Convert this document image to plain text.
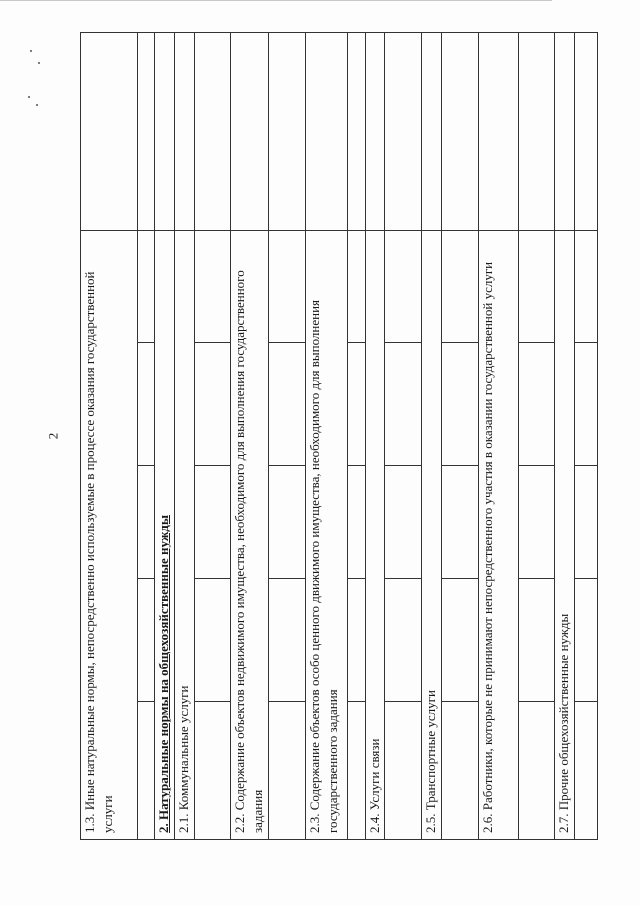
2 1.3. Иные натуральные нормы, непосредственно используемые в процессе оказания государственной услуги					

2. Натуральные нормы на общехозяйственные нужды					
2.1. Коммунальные услуги					

2.2. Содержание объектов недвижимого имущества, необходимого для выполнения государственного задания					

2.3. Содержание объектов особо ценного движимого имущества, необходимого для выполнения государственного задания					

2.4. Услуги связи					

2.5. Транспортные услуги					

2.6. Работники, которые не принимают непосредственного участия в оказании государственной услуги					

2.7. Прочие общехозяйственные нужды					
